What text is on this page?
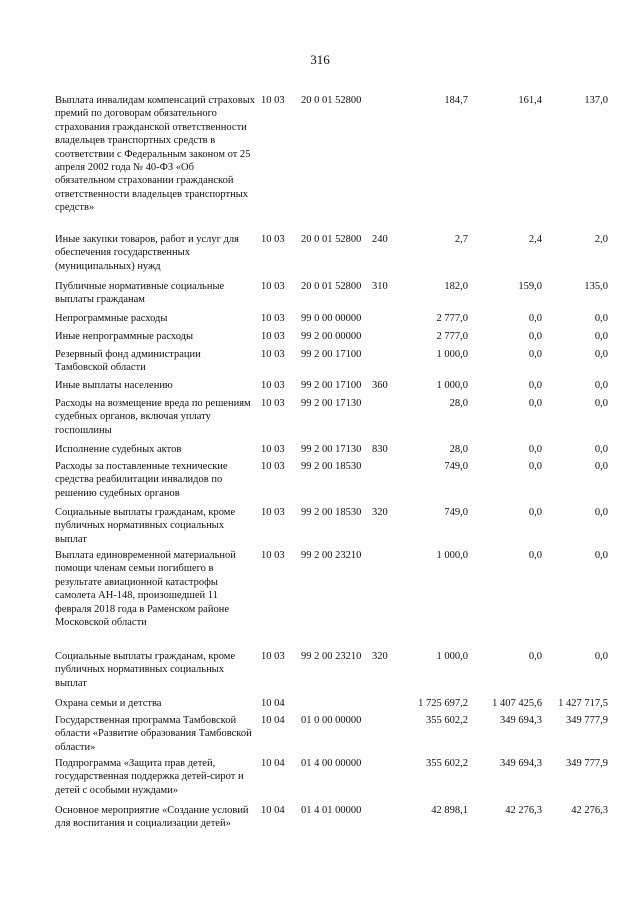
316
Выплата инвалидам компенсаций страховых премий по договорам обязательного страхования гражданской ответственности владельцев транспортных средств в соответствии с Федеральным законом от 25 апреля 2002 года № 40-ФЗ «Об обязательном страховании гражданской ответственности владельцев транспортных средств»
10 03 20 0 01 52800	184,7	161,4	137,0
Иные закупки товаров, работ и услуг для обеспечения государственных (муниципальных) нужд
10 03 20 0 01 52800 240	2,7	2,4	2,0
Публичные нормативные социальные выплаты гражданам
10 03 20 0 01 52800 310	182,0	159,0	135,0
Непрограммные расходы	10 03 99 0 00 00000	2 777,0	0,0	0,0
Иные непрограммные расходы	10 03 99 2 00 00000	2 777,0	0,0	0,0
Резервный фонд администрации Тамбовской области
10 03 99 2 00 17100	1 000,0	0,0	0,0
Иные выплаты населению	10 03 99 2 00 17100 360	1 000,0	0,0	0,0
Расходы на возмещение вреда по решениям судебных органов, включая уплату госпошлины
10 03 99 2 00 17130	28,0	0,0	0,0
Исполнение судебных актов	10 03 99 2 00 17130 830	28,0	0,0	0,0
Расходы за поставленные технические средства реабилитации инвалидов по решению судебных органов
10 03 99 2 00 18530	749,0	0,0	0,0
Социальные выплаты гражданам, кроме публичных нормативных социальных выплат
10 03 99 2 00 18530 320	749,0	0,0	0,0
Выплата единовременной материальной помощи членам семьи погибшего в результате авиационной катастрофы самолета АН-148, произошедшей 11 февраля 2018 года в Раменском районе Московской области
10 03 99 2 00 23210	1 000,0	0,0	0,0
Социальные выплаты гражданам, кроме публичных нормативных социальных выплат
10 03 99 2 00 23210 320	1 000,0	0,0	0,0
Охрана семьи и детства	10 04	1 725 697,2	1 407 425,6	1 427 717,5
Государственная программа Тамбовской области «Развитие образования Тамбовской области»
10 04 01 0 00 00000	355 602,2	349 694,3	349 777,9
Подпрограмма «Защита прав детей, государственная поддержка детей-сирот и детей с особыми нуждами»
10 04 01 4 00 00000	355 602,2	349 694,3	349 777,9
Основное мероприятие «Создание условий для воспитания и социализации детей»
10 04 01 4 01 00000	42 898,1	42 276,3	42 276,3
